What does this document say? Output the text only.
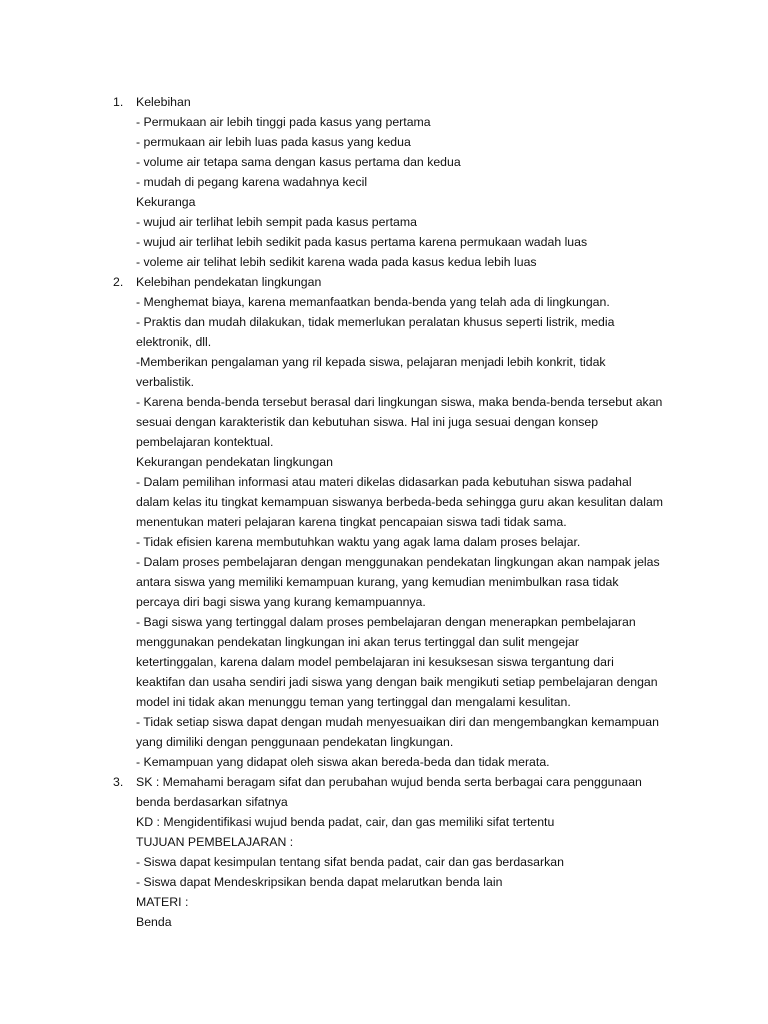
1. Kelebihan
- Permukaan air lebih tinggi pada kasus yang pertama
- permukaan air lebih luas pada kasus yang kedua
- volume air tetapa sama dengan kasus pertama dan kedua
- mudah di pegang karena wadahnya kecil
Kekuranga
- wujud air terlihat lebih sempit pada kasus pertama
- wujud air terlihat lebih sedikit pada kasus pertama karena permukaan wadah luas
- voleme air telihat lebih sedikit karena wada pada kasus kedua lebih luas
2. Kelebihan pendekatan lingkungan
- Menghemat biaya, karena memanfaatkan benda-benda yang telah ada di lingkungan.
- Praktis dan mudah dilakukan, tidak memerlukan peralatan khusus seperti listrik, media
elektronik, dll.
-Memberikan pengalaman yang ril kepada siswa, pelajaran menjadi lebih konkrit, tidak
verbalistik.
- Karena benda-benda tersebut berasal dari lingkungan siswa, maka benda-benda tersebut akan
sesuai dengan karakteristik dan kebutuhan siswa. Hal ini juga sesuai dengan konsep
pembelajaran kontektual.
Kekurangan pendekatan lingkungan
- Dalam pemilihan informasi atau materi dikelas didasarkan pada kebutuhan siswa padahal
dalam kelas itu tingkat kemampuan siswanya berbeda-beda sehingga guru akan kesulitan dalam
menentukan materi pelajaran karena tingkat pencapaian siswa tadi tidak sama.
- Tidak efisien karena membutuhkan waktu yang agak lama dalam proses belajar.
- Dalam proses pembelajaran dengan menggunakan pendekatan lingkungan akan nampak jelas
antara siswa yang memiliki kemampuan kurang, yang kemudian menimbulkan rasa tidak
percaya diri bagi siswa yang kurang kemampuannya.
- Bagi siswa yang tertinggal dalam proses pembelajaran dengan menerapkan pembelajaran
menggunakan pendekatan lingkungan ini akan terus tertinggal dan sulit mengejar
ketertinggalan, karena dalam model pembelajaran ini kesuksesan siswa tergantung dari
keaktifan dan usaha sendiri jadi siswa yang dengan baik mengikuti setiap pembelajaran dengan
model ini tidak akan menunggu teman yang tertinggal dan mengalami kesulitan.
- Tidak setiap siswa dapat dengan mudah menyesuaikan diri dan mengembangkan kemampuan
yang dimiliki dengan penggunaan pendekatan lingkungan.
- Kemampuan yang didapat oleh siswa akan bereda-beda dan tidak merata.
3. SK : Memahami beragam sifat dan perubahan wujud benda serta berbagai cara penggunaan
benda berdasarkan sifatnya
KD : Mengidentifikasi wujud benda padat, cair, dan gas memiliki sifat tertentu
TUJUAN PEMBELAJARAN :
- Siswa dapat kesimpulan tentang sifat benda padat, cair dan gas berdasarkan
- Siswa dapat Mendeskripsikan benda dapat melarutkan benda lain
MATERI :
Benda
